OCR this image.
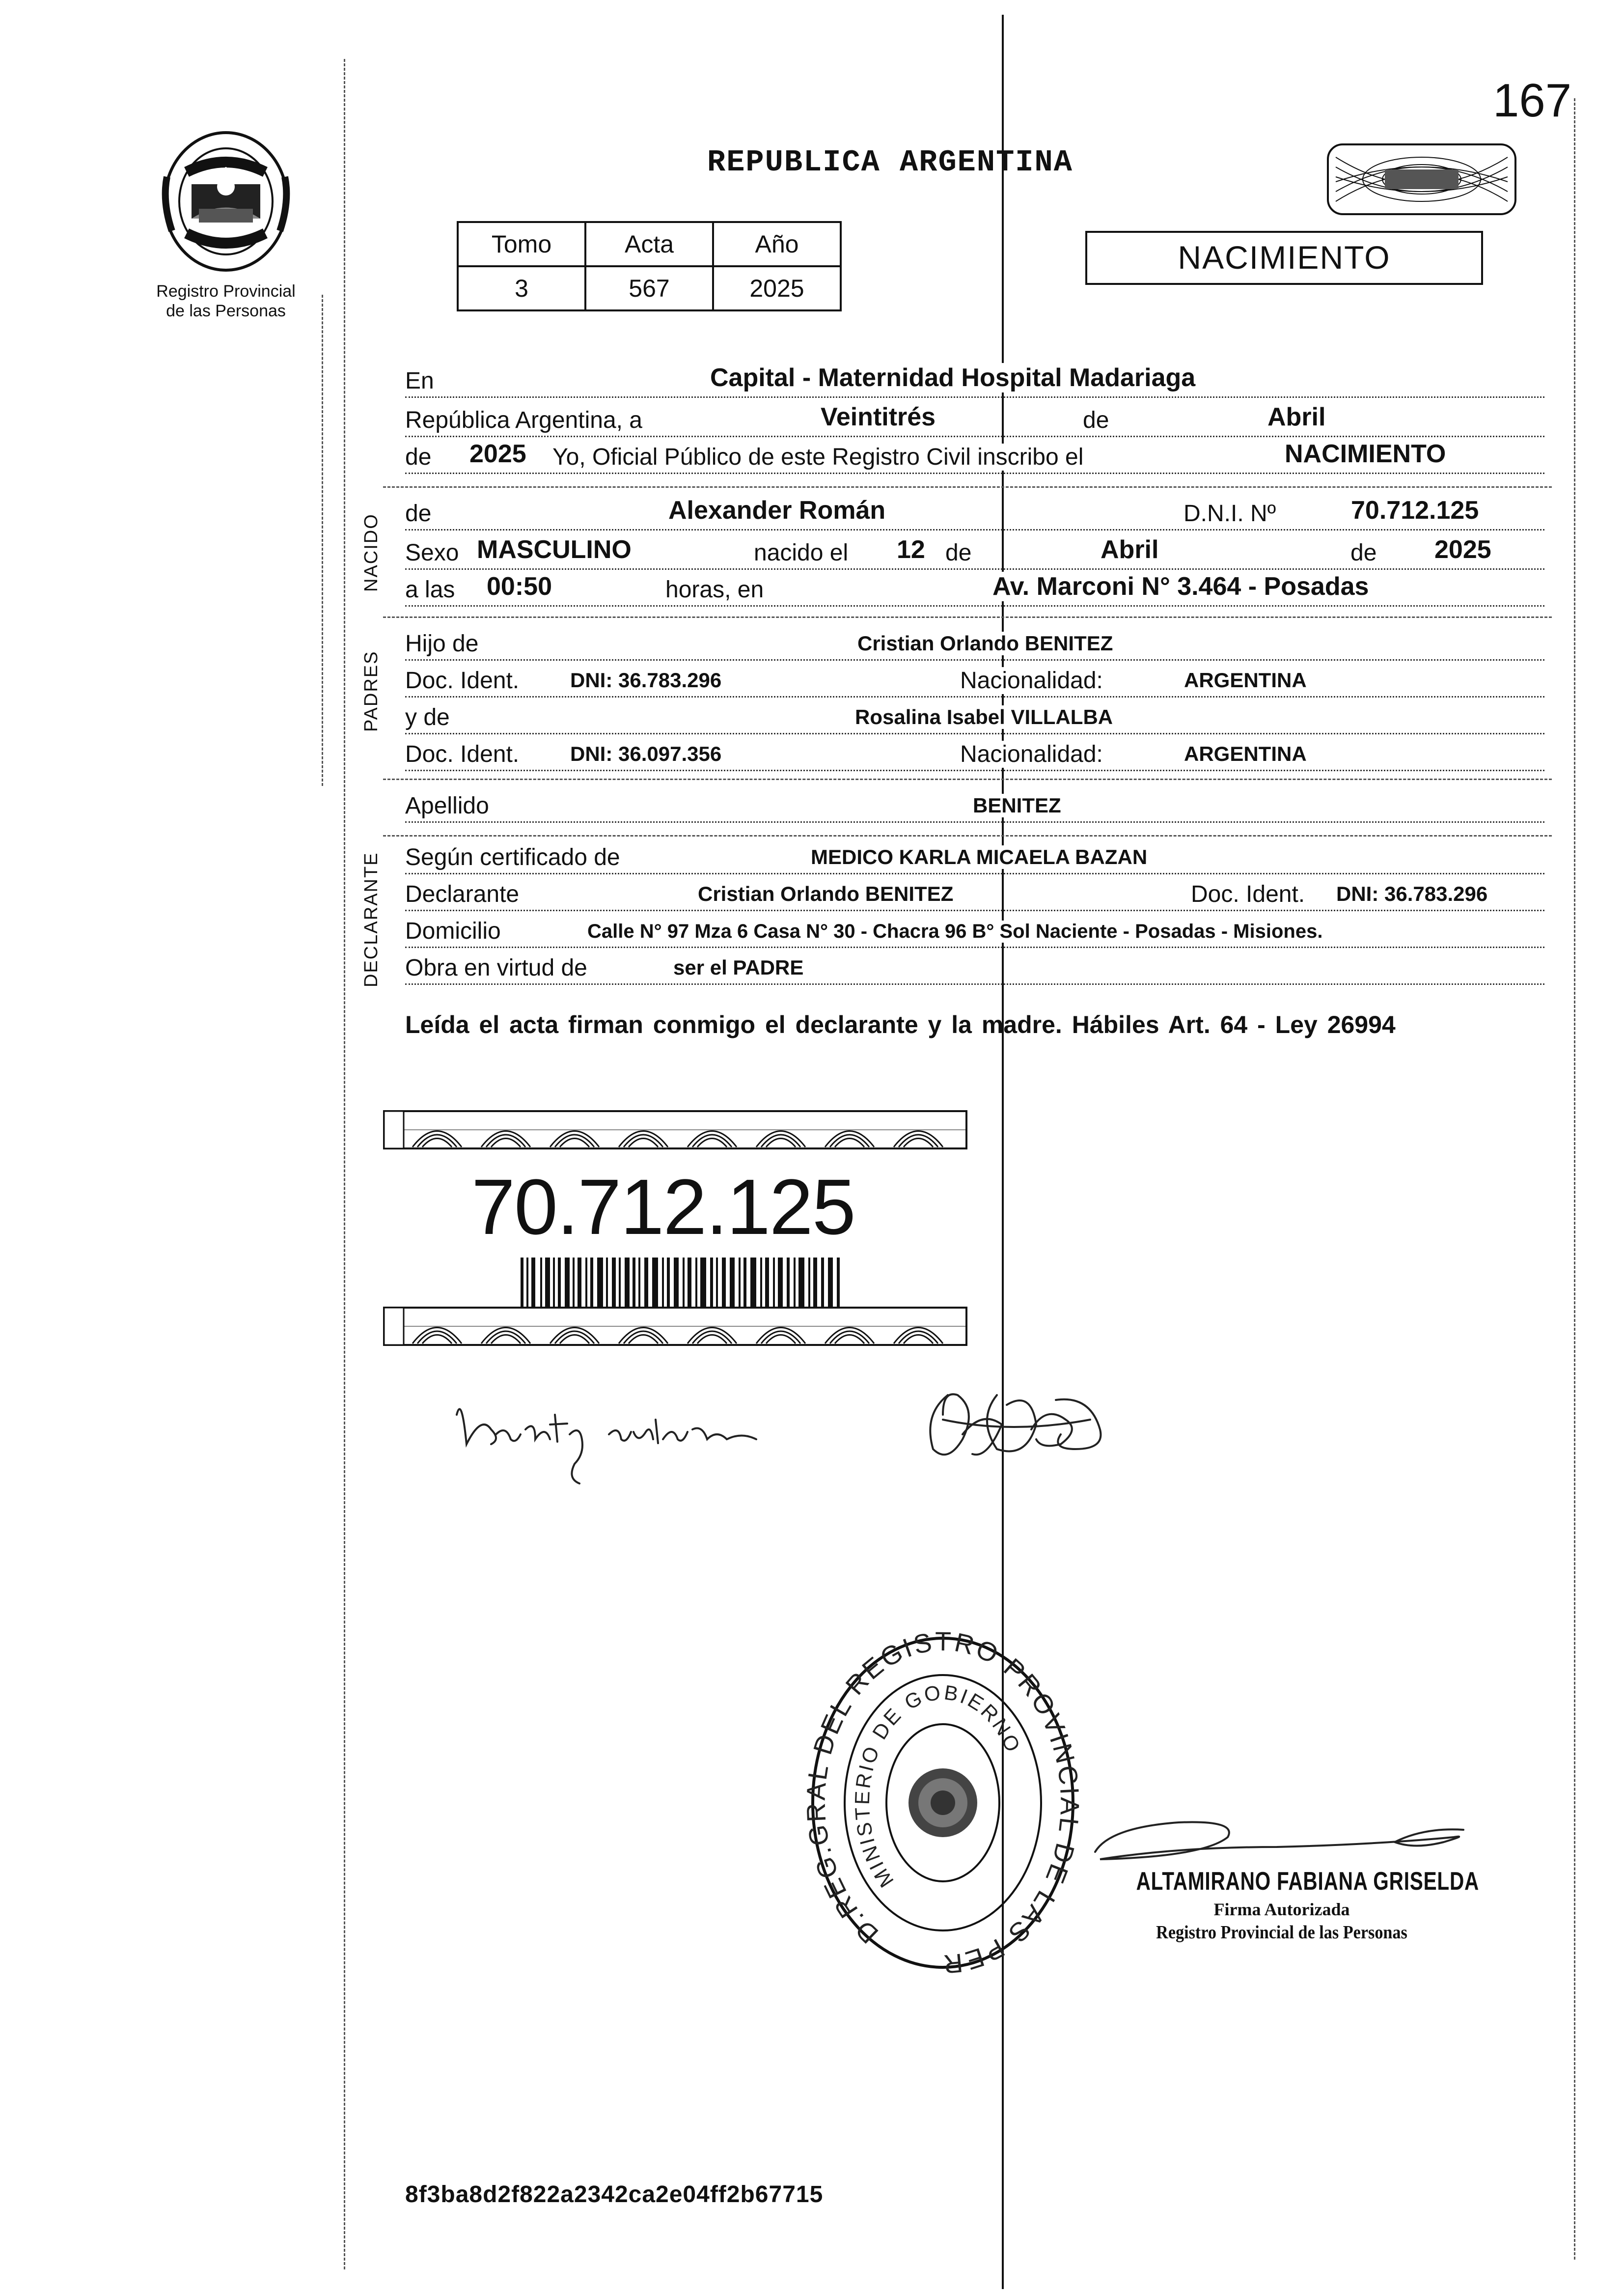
Registro Provincial
de las Personas
167
REPUBLICA ARGENTINA
Tomo	Acta	Año
3	567	2025
NACIMIENTO
En	Capital - Maternidad Hospital Madariaga
República Argentina, a	Veintitrés	de	Abril
de 2025 Yo, Oficial Público de este Registro Civil inscribo el	NACIMIENTO
NACIDO de	Alexander Román	D.N.I. Nº	70.712.125
Sexo MASCULINO	nacido el 12 de	Abril	de 2025
a las 00:50	horas, en	Av. Marconi N° 3.464 - Posadas
PADRES
Hijo de	Cristian Orlando BENITEZ
Doc. Ident. DNI: 36.783.296	Nacionalidad:	ARGENTINA
y de	Rosalina Isabel VILLALBA
Doc. Ident. DNI: 36.097.356	Nacionalidad:	ARGENTINA
Apellido	BENITEZ
DECLARANTE Según certificado de	MEDICO KARLA MICAELA BAZAN
Declarante	Cristian Orlando BENITEZ	Doc. Ident. DNI: 36.783.296
Domicilio	Calle N° 97 Mza 6 Casa N° 30 - Chacra 96 B° Sol Naciente - Posadas - Misiones.
Obra en virtud de	ser el PADRE
Leída el acta firman conmigo el declarante y la madre. Hábiles Art. 64 - Ley 26994
70.712.125
D.REG.G L DEL REGISTRO PROVIN DE LAS PER
MINISTERIO DE GOBIERNO
ALTAMIRANO FABIANA GRISELDA
Firma Autorizada
Registro Provincial de las Personas
8f3ba8d2f822a2342ca2e04ff2b67715
